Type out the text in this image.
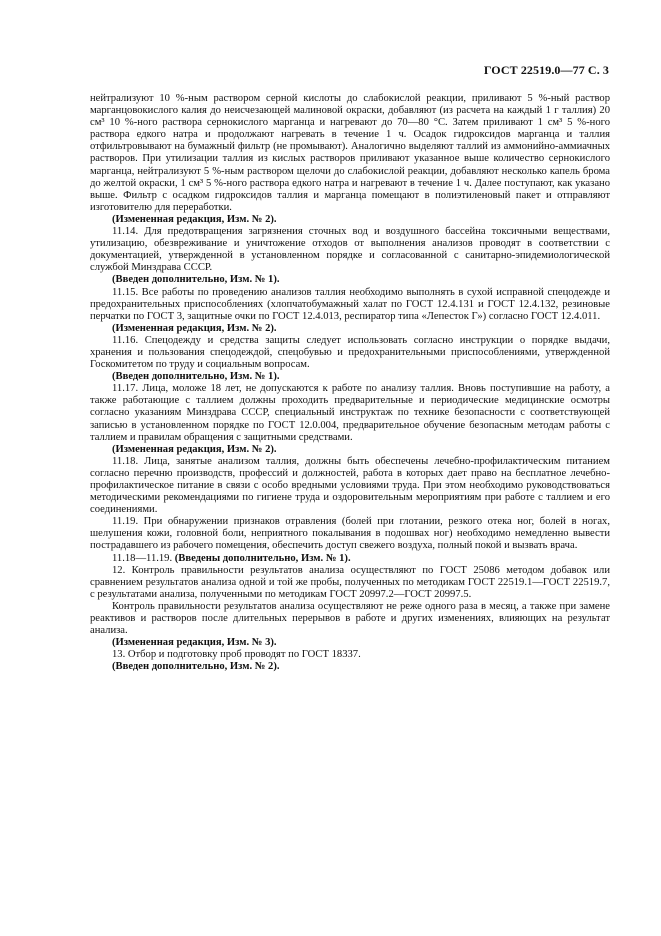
ГОСТ 22519.0—77 С. 3

нейтрализуют 10 %-ным раствором серной кислоты до слабокислой реакции, приливают 5 %-ный раствор марганцовокислого калия до неисчезающей малиновой окраски, добавляют (из расчета на каждый 1 г таллия) 20 см³ 10 %-ного раствора сернокислого марганца и нагревают до 70—80 °С. Затем приливают 1 см³ 5 %-ного раствора едкого натра и продолжают нагревать в течение 1 ч. Осадок гидроксидов марганца и таллия отфильтровывают на бумажный фильтр (не промывают). Аналогично выделяют таллий из аммонийно-аммиачных растворов. При утилизации таллия из кислых растворов приливают указанное выше количество сернокислого марганца, нейтрализуют 5 %-ным раствором щелочи до слабокислой реакции, добавляют несколько капель брома до желтой окраски, 1 см³ 5 %-ного раствора едкого натра и нагревают в течение 1 ч. Далее поступают, как указано выше. Фильтр с осадком гидроксидов таллия и марганца помещают в полиэтиленовый пакет и отправляют изготовителю для переработки.

(Измененная редакция, Изм. № 2).

11.14. Для предотвращения загрязнения сточных вод и воздушного бассейна токсичными веществами, утилизацию, обезвреживание и уничтожение отходов от выполнения анализов проводят в соответствии с документацией, утвержденной в установленном порядке и согласованной с санитарно-эпидемиологической службой Минздрава СССР.

(Введен дополнительно, Изм. № 1).

11.15. Все работы по проведению анализов таллия необходимо выполнять в сухой исправной спецодежде и предохранительных приспособлениях (хлопчатобумажный халат по ГОСТ 12.4.131 и ГОСТ 12.4.132, резиновые перчатки по ГОСТ 3, защитные очки по ГОСТ 12.4.013, респиратор типа «Лепесток Г») согласно ГОСТ 12.4.011.

(Измененная редакция, Изм. № 2).

11.16. Спецодежду и средства защиты следует использовать согласно инструкции о порядке выдачи, хранения и пользования спецодеждой, спецобувью и предохранительными приспособлениями, утвержденной Госкомитетом по труду и социальным вопросам.

(Введен дополнительно, Изм. № 1).

11.17. Лица, моложе 18 лет, не допускаются к работе по анализу таллия. Вновь поступившие на работу, а также работающие с таллием должны проходить предварительные и периодические медицинские осмотры согласно указаниям Минздрава СССР, специальный инструктаж по технике безопасности с соответствующей записью в установленном порядке по ГОСТ 12.0.004, предварительное обучение безопасным методам работы с таллием и правилам обращения с защитными средствами.

(Измененная редакция, Изм. № 2).

11.18. Лица, занятые анализом таллия, должны быть обеспечены лечебно-профилактическим питанием согласно перечню производств, профессий и должностей, работа в которых дает право на бесплатное лечебно-профилактическое питание в связи с особо вредными условиями труда. При этом необходимо руководствоваться методическими рекомендациями по гигиене труда и оздоровительным мероприятиям при работе с таллием и его соединениями.

11.19. При обнаружении признаков отравления (болей при глотании, резкого отека ног, болей в ногах, шелушения кожи, головной боли, неприятного покалывания в подошвах ног) необходимо немедленно вывести пострадавшего из рабочего помещения, обеспечить доступ свежего воздуха, полный покой и вызвать врача.

11.18—11.19. (Введены дополнительно, Изм. № 1).

12. Контроль правильности результатов анализа осуществляют по ГОСТ 25086 методом добавок или сравнением результатов анализа одной и той же пробы, полученных по методикам ГОСТ 22519.1—ГОСТ 22519.7, с результатами анализа, полученными по методикам ГОСТ 20997.2—ГОСТ 20997.5.

Контроль правильности результатов анализа осуществляют не реже одного раза в месяц, а также при замене реактивов и растворов после длительных перерывов в работе и других изменениях, влияющих на результат анализа.

(Измененная редакция, Изм. № 3).

13. Отбор и подготовку проб проводят по ГОСТ 18337.

(Введен дополнительно, Изм. № 2).
